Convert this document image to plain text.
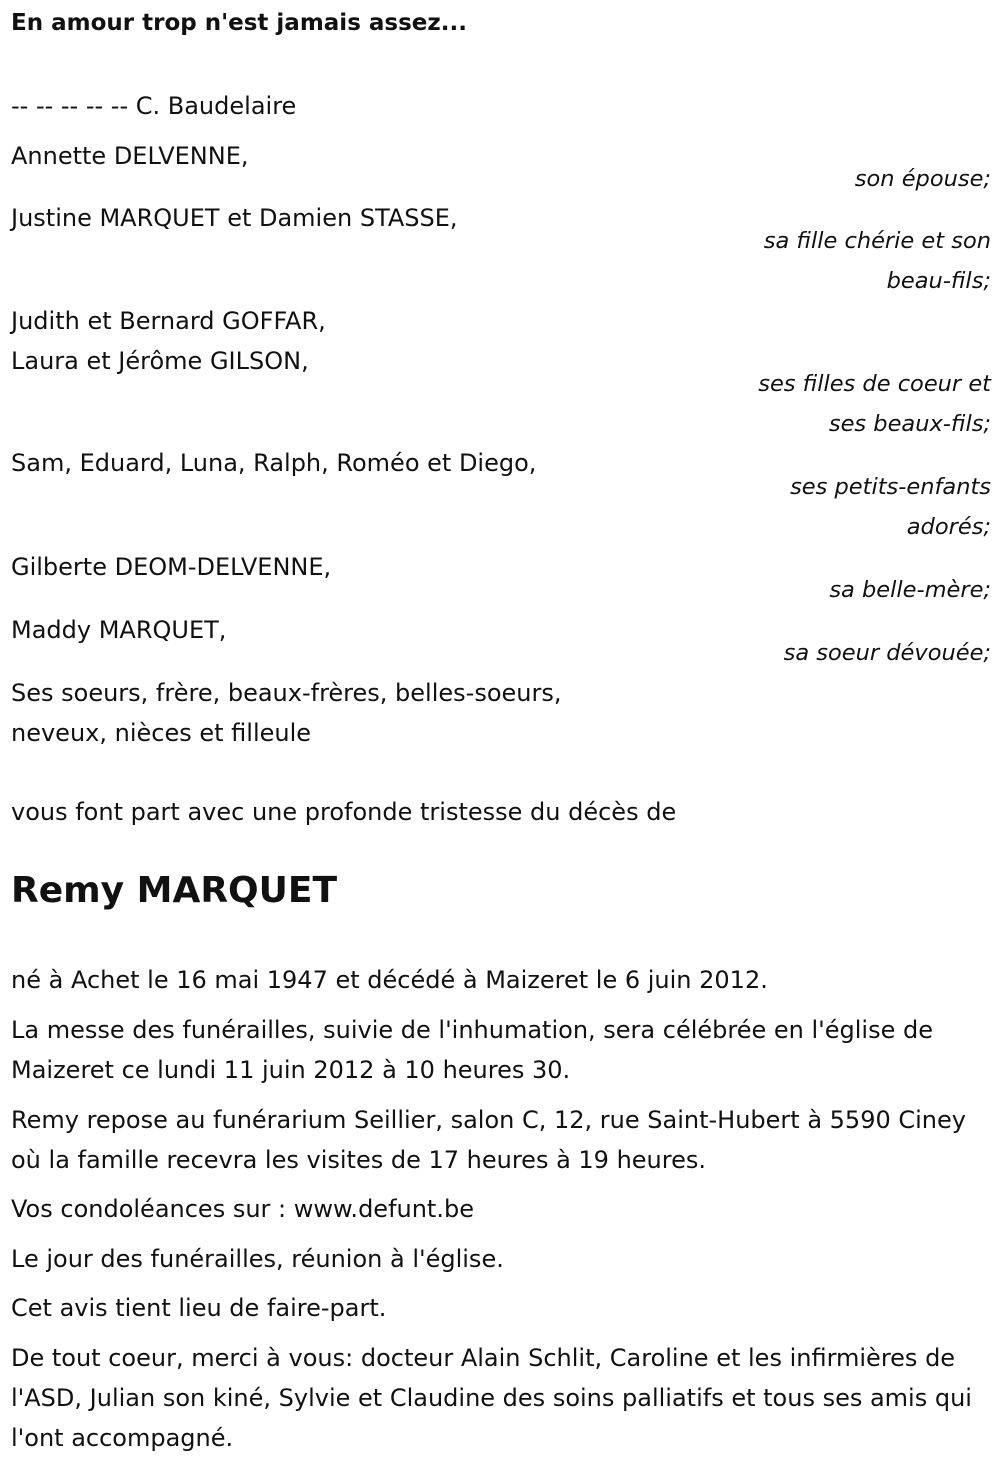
En amour trop n'est jamais assez...
-- -- -- -- -- C. Baudelaire
Annette DELVENNE,
son épouse;
Justine MARQUET et Damien STASSE,
sa fille chérie et son beau-fils;
Judith et Bernard GOFFAR,
Laura et Jérôme GILSON,
ses filles de coeur et ses beaux-fils;
Sam, Eduard, Luna, Ralph, Roméo et Diego,
ses petits-enfants adorés;
Gilberte DEOM-DELVENNE,
sa belle-mère;
Maddy MARQUET,
sa soeur dévouée;
Ses soeurs, frère, beaux-frères, belles-soeurs, neveux, nièces et filleule
vous font part avec une profonde tristesse du décès de
Remy MARQUET
né à Achet le 16 mai 1947 et décédé à Maizeret le 6 juin 2012.
La messe des funérailles, suivie de l'inhumation, sera célébrée en l'église de Maizeret ce lundi 11 juin 2012 à 10 heures 30.
Remy repose au funérarium Seillier, salon C, 12, rue Saint-Hubert à 5590 Ciney où la famille recevra les visites de 17 heures à 19 heures.
Vos condoléances sur : www.defunt.be
Le jour des funérailles, réunion à l'église.
Cet avis tient lieu de faire-part.
De tout coeur, merci à vous: docteur Alain Schlit, Caroline et les infirmières de l'ASD, Julian son kiné, Sylvie et Claudine des soins palliatifs et tous ses amis qui l'ont accompagné.
